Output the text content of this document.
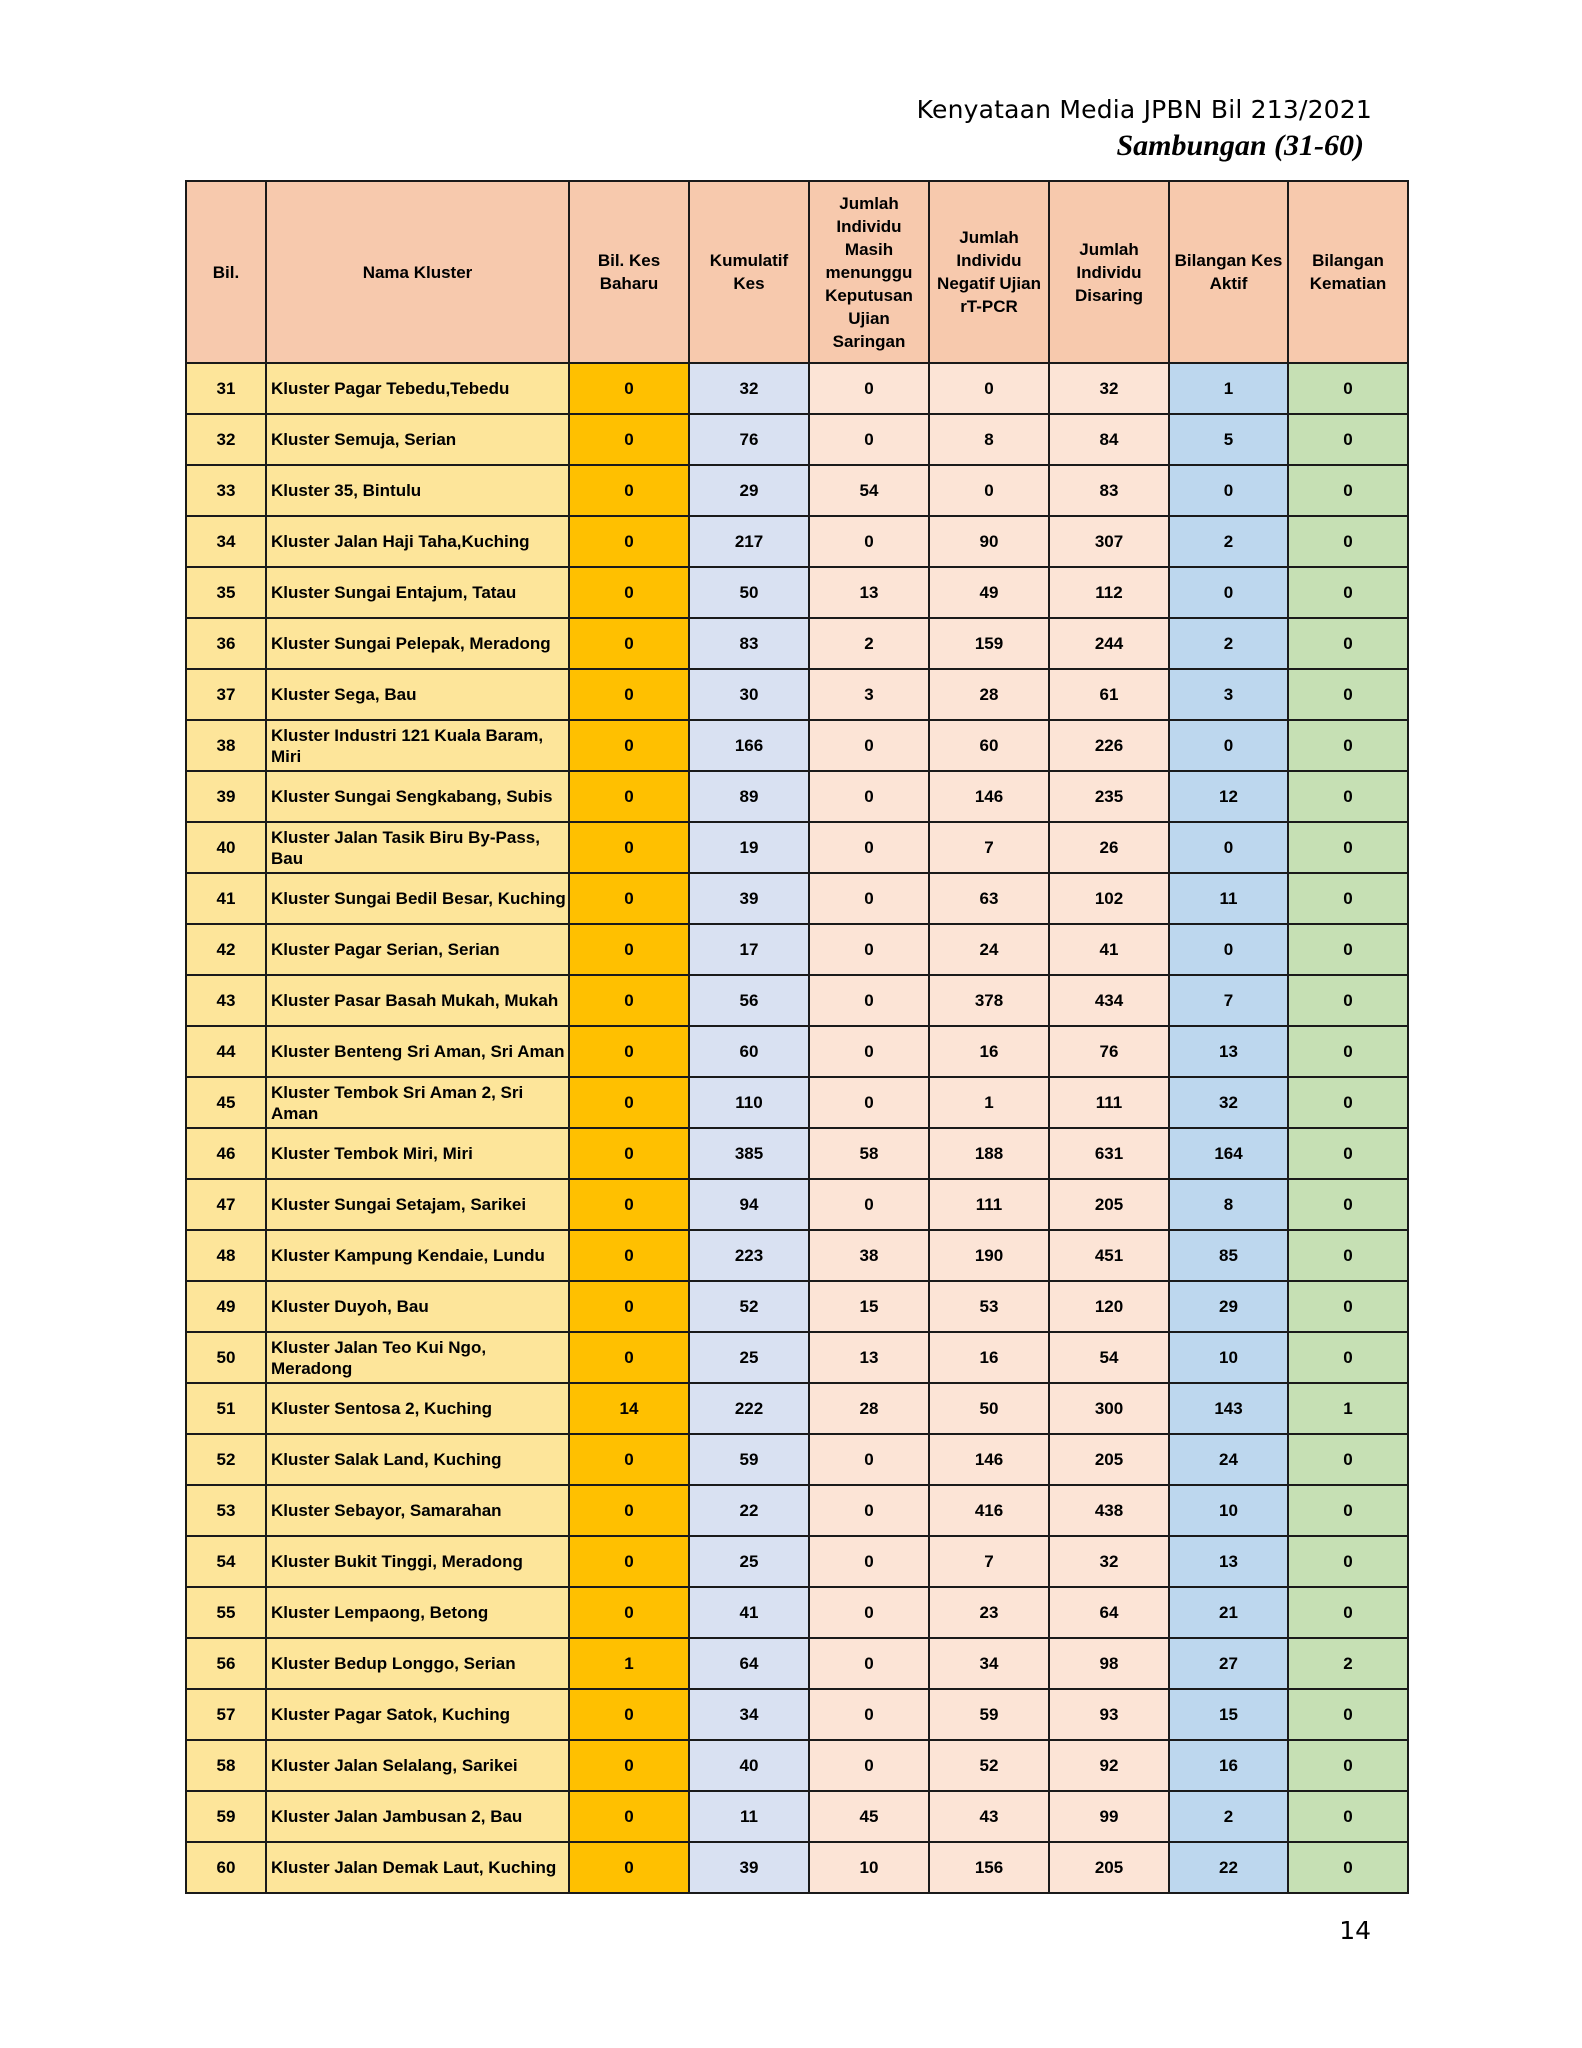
Kenyataan Media JPBN Bil 213/2021
Sambungan (31-60)
Bil.	Nama Kluster	Bil. Kes Baharu	Kumulatif Kes	Jumlah Individu Masih menunggu Keputusan Ujian Saringan	Jumlah Individu Negatif Ujian rT-PCR	Jumlah Individu Disaring	Bilangan Kes Aktif	Bilangan Kematian
31	Kluster Pagar Tebedu,Tebedu	0	32	0	0	32	1	0
32	Kluster Semuja, Serian	0	76	0	8	84	5	0
33	Kluster 35, Bintulu	0	29	54	0	83	0	0
34	Kluster Jalan Haji Taha,Kuching	0	217	0	90	307	2	0
35	Kluster Sungai Entajum, Tatau	0	50	13	49	112	0	0
36	Kluster Sungai Pelepak, Meradong	0	83	2	159	244	2	0
37	Kluster Sega, Bau	0	30	3	28	61	3	0
38	Kluster Industri 121 Kuala Baram, Miri	0	166	0	60	226	0	0
39	Kluster Sungai Sengkabang, Subis	0	89	0	146	235	12	0
40	Kluster Jalan Tasik Biru By-Pass, Bau	0	19	0	7	26	0	0
41	Kluster Sungai Bedil Besar, Kuching	0	39	0	63	102	11	0
42	Kluster Pagar Serian, Serian	0	17	0	24	41	0	0
43	Kluster Pasar Basah Mukah, Mukah	0	56	0	378	434	7	0
44	Kluster Benteng Sri Aman, Sri Aman	0	60	0	16	76	13	0
45	Kluster Tembok Sri Aman 2, Sri Aman	0	110	0	1	111	32	0
46	Kluster Tembok Miri, Miri	0	385	58	188	631	164	0
47	Kluster Sungai Setajam, Sarikei	0	94	0	111	205	8	0
48	Kluster Kampung Kendaie, Lundu	0	223	38	190	451	85	0
49	Kluster Duyoh, Bau	0	52	15	53	120	29	0
50	Kluster Jalan Teo Kui Ngo, Meradong	0	25	13	16	54	10	0
51	Kluster Sentosa 2, Kuching	14	222	28	50	300	143	1
52	Kluster Salak Land, Kuching	0	59	0	146	205	24	0
53	Kluster Sebayor, Samarahan	0	22	0	416	438	10	0
54	Kluster Bukit Tinggi, Meradong	0	25	0	7	32	13	0
55	Kluster Lempaong, Betong	0	41	0	23	64	21	0
56	Kluster Bedup Longgo, Serian	1	64	0	34	98	27	2
57	Kluster Pagar Satok, Kuching	0	34	0	59	93	15	0
58	Kluster Jalan Selalang, Sarikei	0	40	0	52	92	16	0
59	Kluster Jalan Jambusan 2, Bau	0	11	45	43	99	2	0
60	Kluster Jalan Demak Laut, Kuching	0	39	10	156	205	22	0
14
